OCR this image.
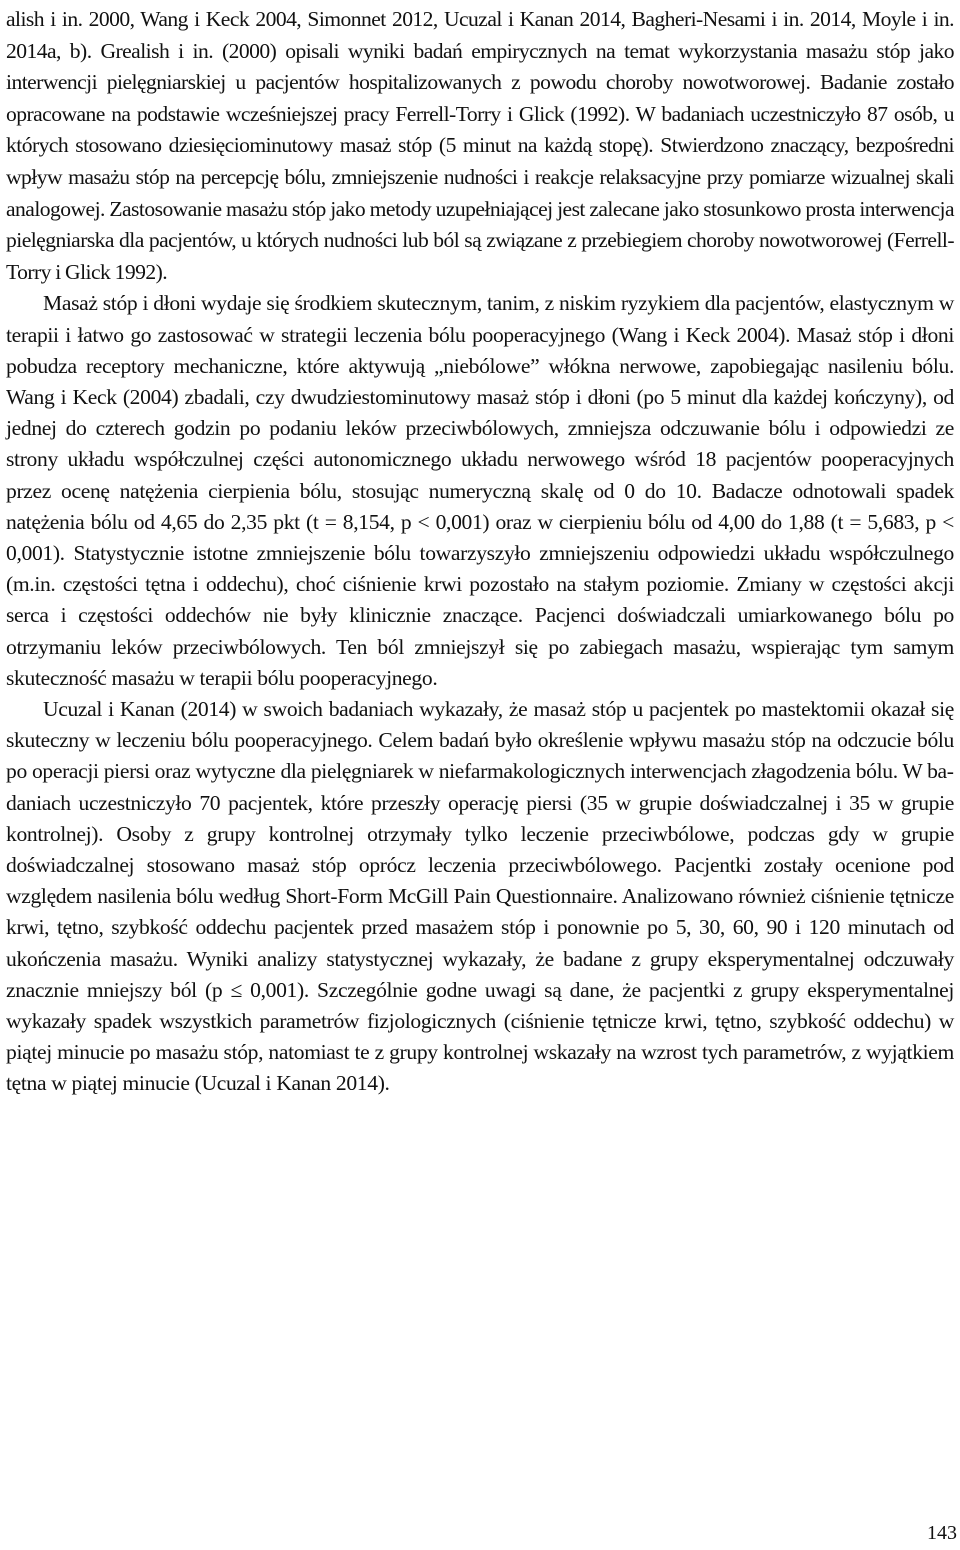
alish i in. 2000, Wang i Keck 2004, Simonnet 2012, Ucuzal i Kanan 2014, Bagheri-Nesami i in. 2014, Moyle i in. 2014a, b). Grealish i in. (2000) opisali wyniki badań empirycznych na temat wykorzystania masażu stóp jako interwencji pielęgniarskiej u pacjentów hospitalizowanych z powodu choroby nowotworowej. Badanie zostało opracowane na podstawie wcześniejszej pracy Ferrell-Torry i Glick (1992). W badaniach uczestniczyło 87 osób, u których stosowano dziesięciominutowy masaż stóp (5 minut na każdą stopę). Stwierdzono znaczący, bezpośredni wpływ masażu stóp na percepcję bólu, zmniejszenie nudności i reakcje relaksacyjne przy pomiarze wizualnej skali analogowej. Zastosowanie masażu stóp jako metody uzupełniającej jest zalecane jako stosunkowo prosta interwencja pielęgniarska dla pacjentów, u których nudności lub ból są związane z przebiegiem choroby nowotworowej (Ferrell-Torry i Glick 1992).

Masaż stóp i dłoni wydaje się środkiem skutecznym, tanim, z niskim ryzykiem dla pacjentów, elastycznym w terapii i łatwo go zastosować w strategii leczenia bólu pooperacyjnego (Wang i Keck 2004). Masaż stóp i dłoni pobudza receptory mechaniczne, które aktywują „niebólowe” włókna nerwowe, zapobiegając nasileniu bólu. Wang i Keck (2004) zbadali, czy dwudziestominutowy masaż stóp i dłoni (po 5 minut dla każdej kończyny), od jednej do czterech godzin po podaniu leków przeciwbólowych, zmniejsza odczuwanie bólu i odpowiedzi ze strony układu współczulnej części autonomicznego układu nerwowego wśród 18 pacjentów pooperacyjnych przez ocenę natężenia cierpienia bólu, stosując numeryczną skalę od 0 do 10. Badacze odnotowali spadek natężenia bólu od 4,65 do 2,35 pkt (t = 8,154, p < 0,001) oraz w cierpieniu bólu od 4,00 do 1,88 (t = 5,683, p < 0,001). Statystycznie istotne zmniejszenie bólu towarzyszyło zmniejszeniu odpowiedzi układu współczulnego (m.in. częstości tętna i oddechu), choć ciśnienie krwi pozostało na stałym poziomie. Zmiany w częstości akcji serca i częstości oddechów nie były klinicznie znaczące. Pacjenci doświadczali umiarkowanego bólu po otrzymaniu leków przeciwbólowych. Ten ból zmniejszył się po zabiegach masażu, wspierając tym samym skuteczność masażu w terapii bólu pooperacyjnego.

Ucuzal i Kanan (2014) w swoich badaniach wykazały, że masaż stóp u pacjentek po mastektomii okazał się skuteczny w leczeniu bólu pooperacyjnego. Celem badań było określenie wpływu masażu stóp na odczucie bólu po operacji piersi oraz wytyczne dla pielęgniarek w niefarmakologicznych interwencjach złagodzenia bólu. W badaniach uczestniczyło 70 pacjentek, które przeszły operację piersi (35 w grupie doświadczalnej i 35 w grupie kontrolnej). Osoby z grupy kontrolnej otrzymały tylko leczenie przeciwbólowe, podczas gdy w grupie doświadczalnej stosowano masaż stóp oprócz leczenia przeciwbólowego. Pacjentki zostały ocenione pod względem nasilenia bólu według Short-Form McGill Pain Questionnaire. Analizowano również ciśnienie tętnicze krwi, tętno, szybkość oddechu pacjentek przed masażem stóp i ponownie po 5, 30, 60, 90 i 120 minutach od ukończenia masażu. Wyniki analizy statystycznej wykazały, że badane z grupy eksperymentalnej odczuwały znacznie mniejszy ból (p ≤ 0,001). Szczególnie godne uwagi są dane, że pacjentki z grupy eksperymentalnej wykazały spadek wszystkich parametrów fizjologicznych (ciśnienie tętnicze krwi, tętno, szybkość oddechu) w piątej minucie po masażu stóp, natomiast te z grupy kontrolnej wskazały na wzrost tych parametrów, z wyjątkiem tętna w piątej minucie (Ucuzal i Kanan 2014).

143
